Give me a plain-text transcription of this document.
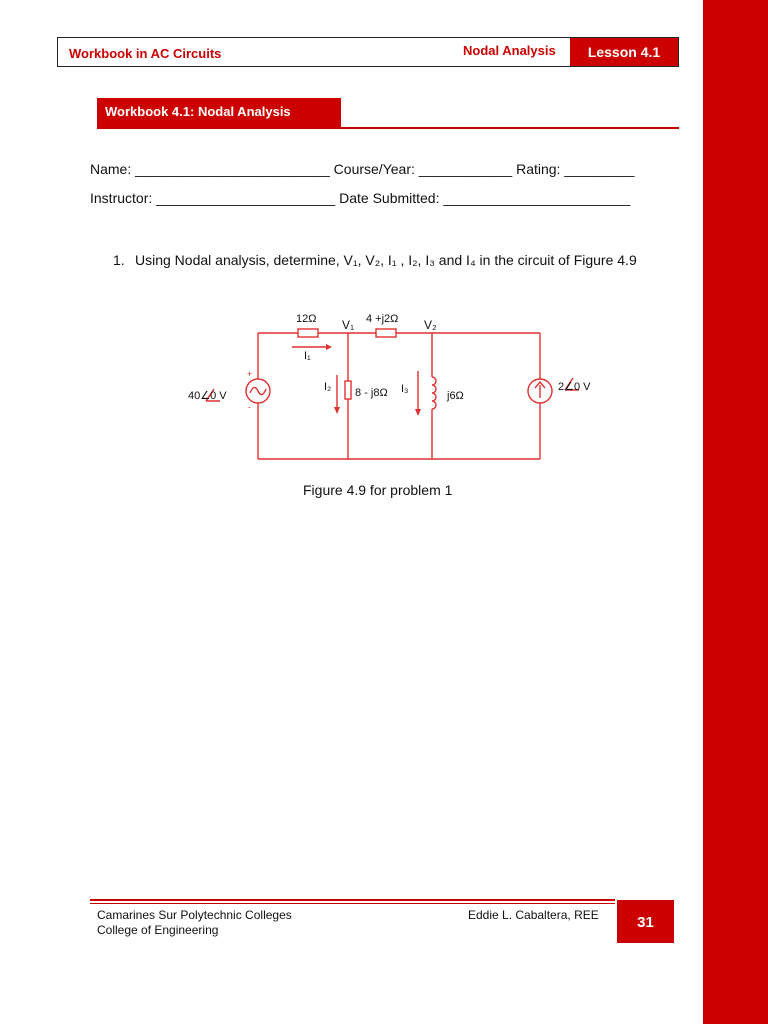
Workbook in AC Circuits	Nodal Analysis	Lesson 4.1
Workbook 4.1: Nodal Analysis
Name: _________________________ Course/Year: ____________ Rating: _________
Instructor: _______________________ Date Submitted: ________________________
1. Using Nodal analysis, determine, V₁, V₂, I₁ , I₂, I₃ and I₄ in the circuit of Figure 4.9
12Ω V₁ 4 +j2Ω V₂
I₁
I₂	I₃
8 - j8Ω	j6Ω
40∠0 V
2∠0 V
+
-
Figure 4.9 for problem 1
Camarines Sur Polytechnic Colleges
College of Engineering
Eddie L. Cabaltera, REE	31
